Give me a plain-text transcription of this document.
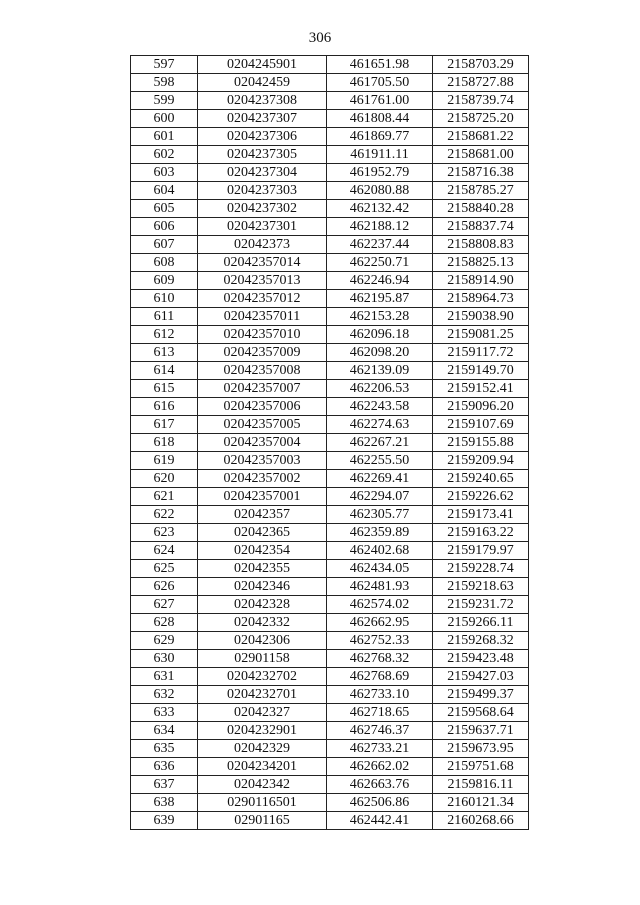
306
597	0204245901	461651.98	2158703.29
598	02042459	461705.50	2158727.88
599	0204237308	461761.00	2158739.74
600	0204237307	461808.44	2158725.20
601	0204237306	461869.77	2158681.22
602	0204237305	461911.11	2158681.00
603	0204237304	461952.79	2158716.38
604	0204237303	462080.88	2158785.27
605	0204237302	462132.42	2158840.28
606	0204237301	462188.12	2158837.74
607	02042373	462237.44	2158808.83
608	02042357014	462250.71	2158825.13
609	02042357013	462246.94	2158914.90
610	02042357012	462195.87	2158964.73
611	02042357011	462153.28	2159038.90
612	02042357010	462096.18	2159081.25
613	02042357009	462098.20	2159117.72
614	02042357008	462139.09	2159149.70
615	02042357007	462206.53	2159152.41
616	02042357006	462243.58	2159096.20
617	02042357005	462274.63	2159107.69
618	02042357004	462267.21	2159155.88
619	02042357003	462255.50	2159209.94
620	02042357002	462269.41	2159240.65
621	02042357001	462294.07	2159226.62
622	02042357	462305.77	2159173.41
623	02042365	462359.89	2159163.22
624	02042354	462402.68	2159179.97
625	02042355	462434.05	2159228.74
626	02042346	462481.93	2159218.63
627	02042328	462574.02	2159231.72
628	02042332	462662.95	2159266.11
629	02042306	462752.33	2159268.32
630	02901158	462768.32	2159423.48
631	0204232702	462768.69	2159427.03
632	0204232701	462733.10	2159499.37
633	02042327	462718.65	2159568.64
634	0204232901	462746.37	2159637.71
635	02042329	462733.21	2159673.95
636	0204234201	462662.02	2159751.68
637	02042342	462663.76	2159816.11
638	0290116501	462506.86	2160121.34
639	02901165	462442.41	2160268.66
